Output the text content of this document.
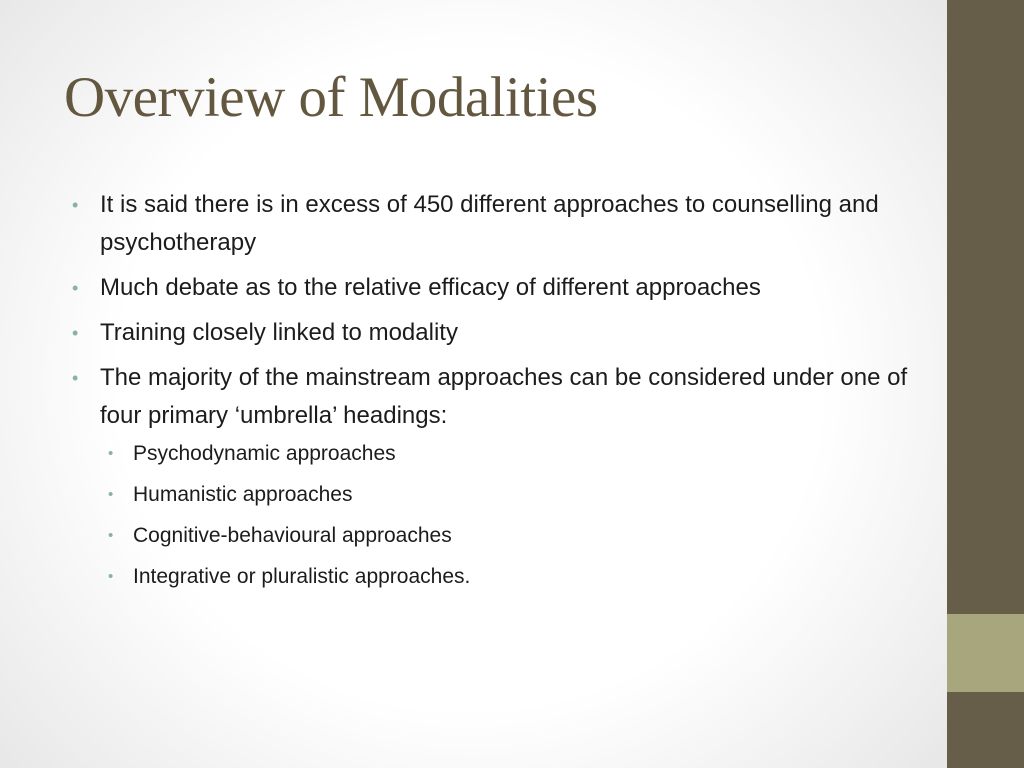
Overview of Modalities
• It is said there is in excess of 450 different approaches to counselling and psychotherapy
• Much debate as to the relative efficacy of different approaches
• Training closely linked to modality
• The majority of the mainstream approaches can be considered under one of four primary ‘umbrella’ headings:
• Psychodynamic approaches
• Humanistic approaches
• Cognitive-behavioural approaches
• Integrative or pluralistic approaches.
